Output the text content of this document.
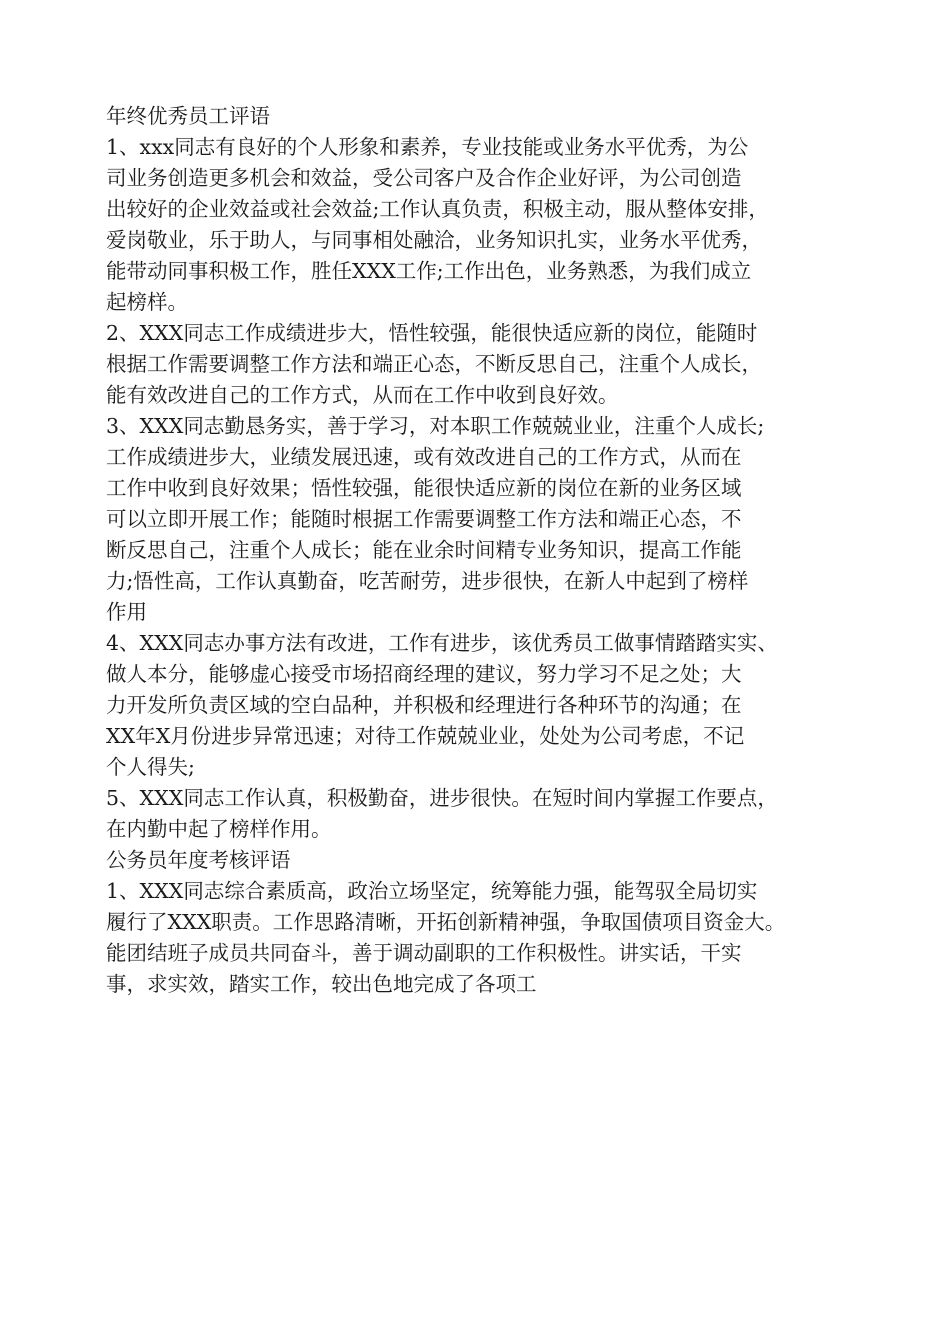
年终优秀员工评语
1、xxx同志有良好的个人形象和素养，专业技能或业务水平优秀，为公
司业务创造更多机会和效益，受公司客户及合作企业好评，为公司创造
出较好的企业效益或社会效益;工作认真负责，积极主动，服从整体安排，
爱岗敬业，乐于助人，与同事相处融洽，业务知识扎实，业务水平优秀，
能带动同事积极工作，胜任XXX工作;工作出色，业务熟悉，为我们成立
起榜样。
2、XXX同志工作成绩进步大，悟性较强，能很快适应新的岗位，能随时
根据工作需要调整工作方法和端正心态，不断反思自己，注重个人成长，
能有效改进自己的工作方式，从而在工作中收到良好效。
3、XXX同志勤恳务实，善于学习，对本职工作兢兢业业，注重个人成长;
工作成绩进步大，业绩发展迅速，或有效改进自己的工作方式，从而在
工作中收到良好效果；悟性较强，能很快适应新的岗位在新的业务区域
可以立即开展工作；能随时根据工作需要调整工作方法和端正心态，不
断反思自己，注重个人成长；能在业余时间精专业务知识，提高工作能
力;悟性高，工作认真勤奋，吃苦耐劳，进步很快，在新人中起到了榜样
作用
4、XXX同志办事方法有改进，工作有进步，该优秀员工做事情踏踏实实、
做人本分，能够虚心接受市场招商经理的建议，努力学习不足之处；大
力开发所负责区域的空白品种，并积极和经理进行各种环节的沟通；在
XX年X月份进步异常迅速；对待工作兢兢业业，处处为公司考虑，不记
个人得失;
5、XXX同志工作认真，积极勤奋，进步很快。在短时间内掌握工作要点，
在内勤中起了榜样作用。
公务员年度考核评语
1、XXX同志综合素质高，政治立场坚定，统筹能力强，能驾驭全局切实
履行了XXX职责。工作思路清晰，开拓创新精神强，争取国债项目资金大。
能团结班子成员共同奋斗，善于调动副职的工作积极性。讲实话，干实
事，求实效，踏实工作，较出色地完成了各项工
